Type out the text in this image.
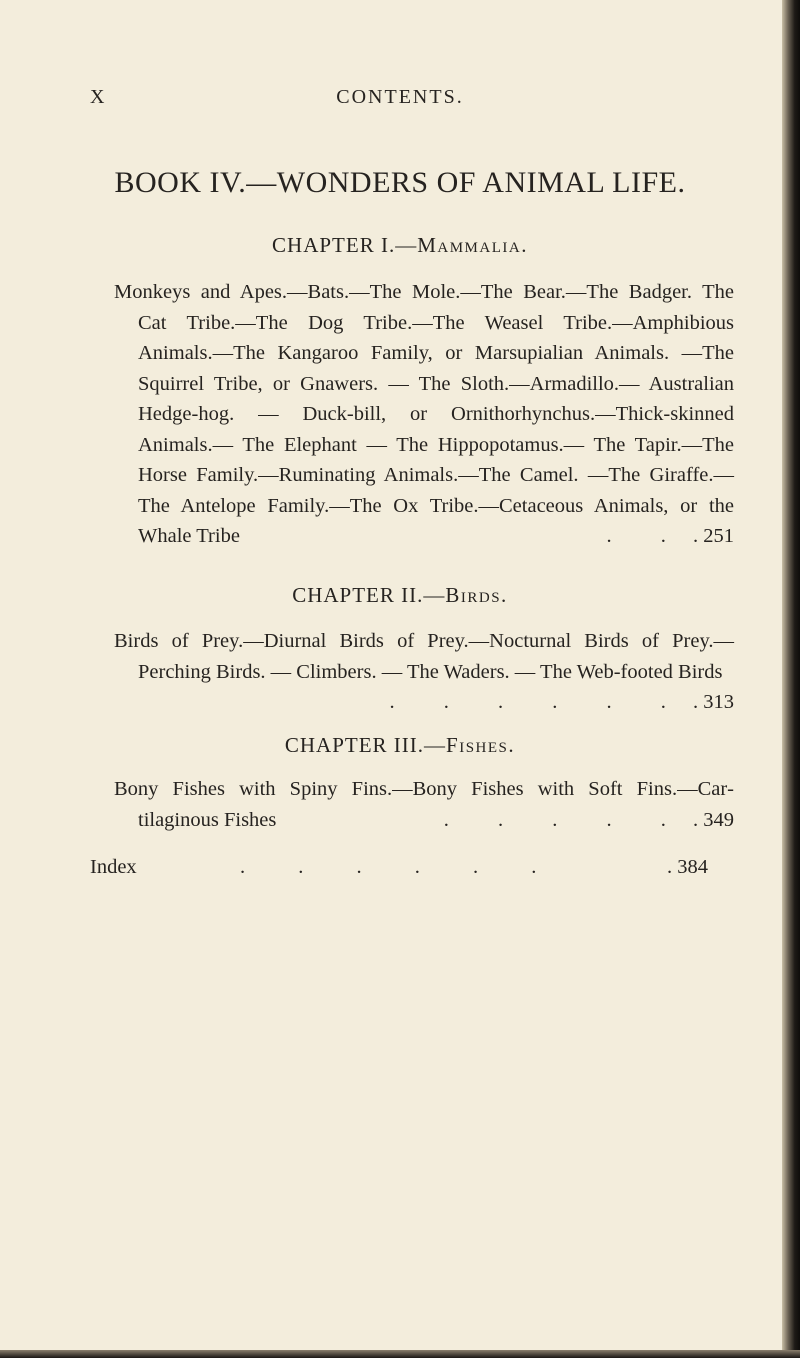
X	CONTENTS.
BOOK IV.—WONDERS OF ANIMAL LIFE.
CHAPTER I.—Mammalia.
Monkeys and Apes.—Bats.—The Mole.—The Bear.—The Badger. The Cat Tribe.—The Dog Tribe.—The Weasel Tribe.—Amphibious Animals.—The Kangaroo Family, or Marsupialian Animals. —The Squirrel Tribe, or Gnawers. — The Sloth.—Armadillo.— Australian Hedge-hog. — Duck-bill, or Ornithorhynchus.—Thick-skinned Animals.— The Elephant — The Hippopotamus.— The Tapir.—The Horse Family.—Ruminating Animals.—The Camel. —The Giraffe.—The Antelope Family.—The Ox Tribe.—Cetaceous Animals, or the Whale Tribe	. . . 251
CHAPTER II.—Birds.
Birds of Prey.—Diurnal Birds of Prey.—Nocturnal Birds of Prey.— Perching Birds. — Climbers. — The Waders. — The Web-footed Birds
. . . . . . . 313
CHAPTER III.—Fishes.
Bony Fishes with Spiny Fins.—Bony Fishes with Soft Fins.—Cartilaginous Fishes	. . . . . . 349
Index	. . . . . .	. 384
